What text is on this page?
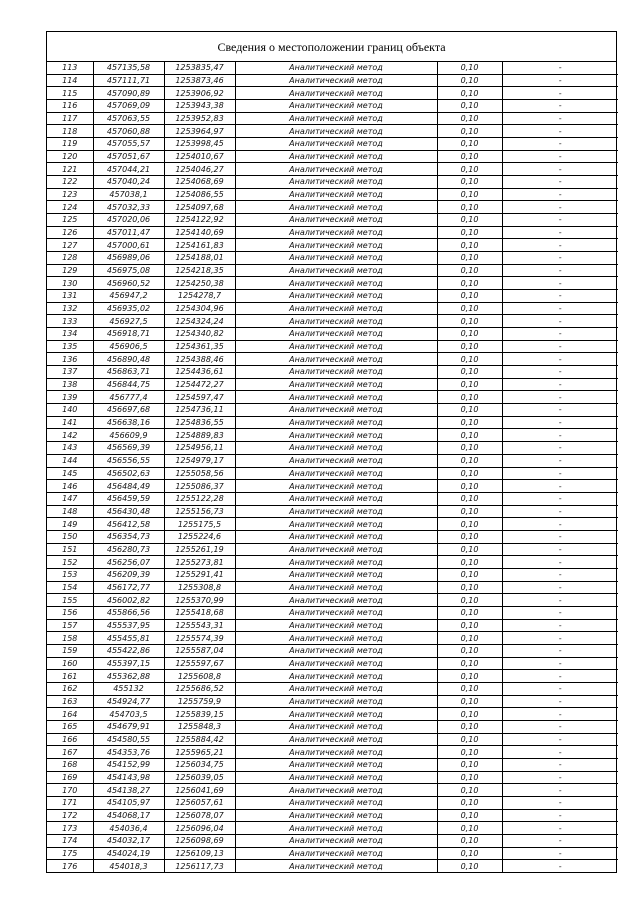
Сведения о местоположении границ объекта
113	457135,58	1253835,47	Аналитический метод	0,10	-
114	457111,71	1253873,46	Аналитический метод	0,10	-
115	457090,89	1253906,92	Аналитический метод	0,10	-
116	457069,09	1253943,38	Аналитический метод	0,10	-
117	457063,55	1253952,83	Аналитический метод	0,10	-
118	457060,88	1253964,97	Аналитический метод	0,10	-
119	457055,57	1253998,45	Аналитический метод	0,10	-
120	457051,67	1254010,67	Аналитический метод	0,10	-
121	457044,21	1254046,27	Аналитический метод	0,10	-
122	457040,24	1254068,69	Аналитический метод	0,10	-
123	457038,1	1254086,55	Аналитический метод	0,10	-
124	457032,33	1254097,68	Аналитический метод	0,10	-
125	457020,06	1254122,92	Аналитический метод	0,10	-
126	457011,47	1254140,69	Аналитический метод	0,10	-
127	457000,61	1254161,83	Аналитический метод	0,10	-
128	456989,06	1254188,01	Аналитический метод	0,10	-
129	456975,08	1254218,35	Аналитический метод	0,10	-
130	456960,52	1254250,38	Аналитический метод	0,10	-
131	456947,2	1254278,7	Аналитический метод	0,10	-
132	456935,02	1254304,96	Аналитический метод	0,10	-
133	456927,5	1254324,24	Аналитический метод	0,10	-
134	456918,71	1254340,82	Аналитический метод	0,10	-
135	456906,5	1254361,35	Аналитический метод	0,10	-
136	456890,48	1254388,46	Аналитический метод	0,10	-
137	456863,71	1254436,61	Аналитический метод	0,10	-
138	456844,75	1254472,27	Аналитический метод	0,10	-
139	456777,4	1254597,47	Аналитический метод	0,10	-
140	456697,68	1254736,11	Аналитический метод	0,10	-
141	456638,16	1254836,55	Аналитический метод	0,10	-
142	456609,9	1254889,83	Аналитический метод	0,10	-
143	456569,39	1254956,11	Аналитический метод	0,10	-
144	456556,55	1254979,17	Аналитический метод	0,10	-
145	456502,63	1255058,56	Аналитический метод	0,10	-
146	456484,49	1255086,37	Аналитический метод	0,10	-
147	456459,59	1255122,28	Аналитический метод	0,10	-
148	456430,48	1255156,73	Аналитический метод	0,10	-
149	456412,58	1255175,5	Аналитический метод	0,10	-
150	456354,73	1255224,6	Аналитический метод	0,10	-
151	456280,73	1255261,19	Аналитический метод	0,10	-
152	456256,07	1255273,81	Аналитический метод	0,10	-
153	456209,39	1255291,41	Аналитический метод	0,10	-
154	456172,77	1255308,8	Аналитический метод	0,10	-
155	456002,82	1255370,99	Аналитический метод	0,10	-
156	455866,56	1255418,68	Аналитический метод	0,10	-
157	455537,95	1255543,31	Аналитический метод	0,10	-
158	455455,81	1255574,39	Аналитический метод	0,10	-
159	455422,86	1255587,04	Аналитический метод	0,10	-
160	455397,15	1255597,67	Аналитический метод	0,10	-
161	455362,88	1255608,8	Аналитический метод	0,10	-
162	455132	1255686,52	Аналитический метод	0,10	-
163	454924,77	1255759,9	Аналитический метод	0,10	-
164	454703,5	1255839,15	Аналитический метод	0,10	-
165	454679,91	1255848,3	Аналитический метод	0,10	-
166	454580,55	1255884,42	Аналитический метод	0,10	-
167	454353,76	1255965,21	Аналитический метод	0,10	-
168	454152,99	1256034,75	Аналитический метод	0,10	-
169	454143,98	1256039,05	Аналитический метод	0,10	-
170	454138,27	1256041,69	Аналитический метод	0,10	-
171	454105,97	1256057,61	Аналитический метод	0,10	-
172	454068,17	1256078,07	Аналитический метод	0,10	-
173	454036,4	1256096,04	Аналитический метод	0,10	-
174	454032,17	1256098,69	Аналитический метод	0,10	-
175	454024,19	1256109,13	Аналитический метод	0,10	-
176	454018,3	1256117,73	Аналитический метод	0,10	-
